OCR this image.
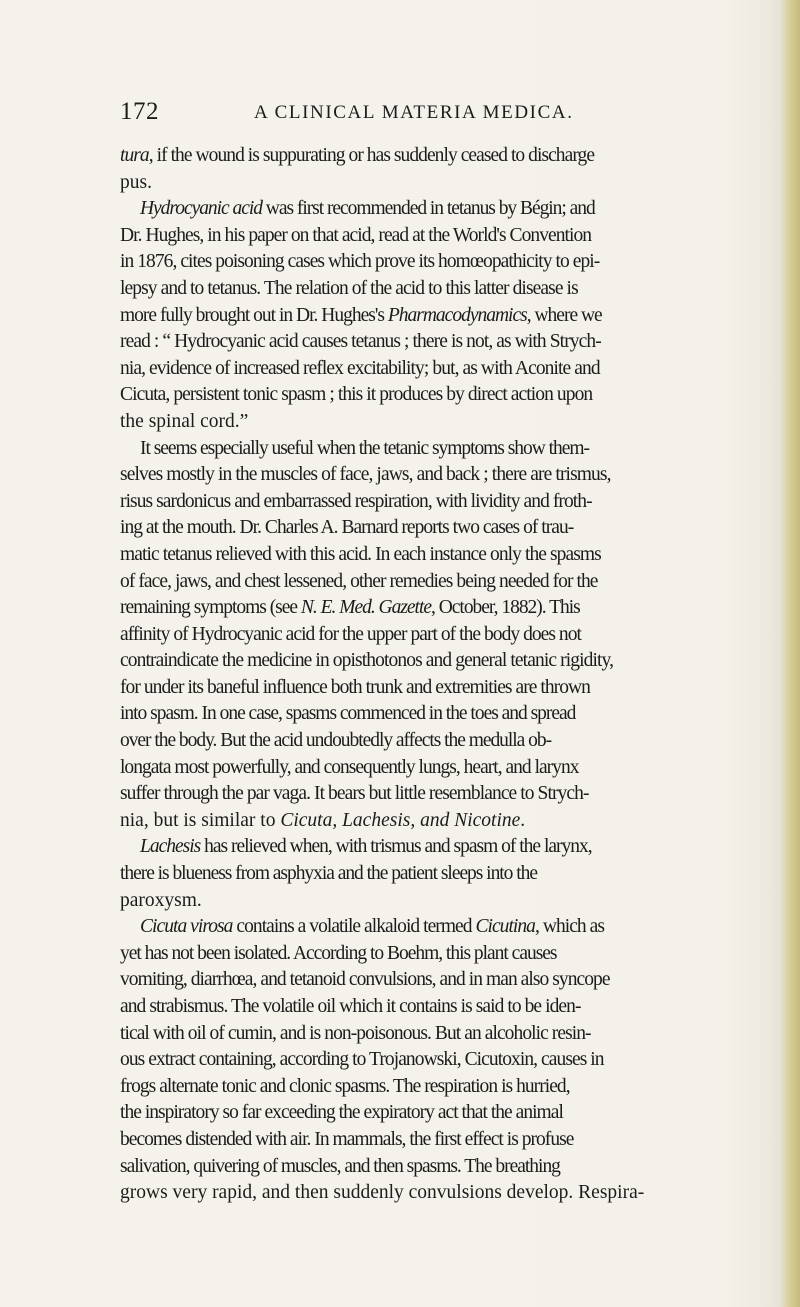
172	A CLINICAL MATERIA MEDICA.
tura, if the wound is suppurating or has suddenly ceased to discharge
pus.
Hydrocyanic acid was first recommended in tetanus by Bégin; and
Dr. Hughes, in his paper on that acid, read at the World's Convention
in 1876, cites poisoning cases which prove its homœopathicity to epi-
lepsy and to tetanus. The relation of the acid to this latter disease is
more fully brought out in Dr. Hughes's Pharmacodynamics, where we
read : “ Hydrocyanic acid causes tetanus ; there is not, as with Strych-
nia, evidence of increased reflex excitability; but, as with Aconite and
Cicuta, persistent tonic spasm ; this it produces by direct action upon
the spinal cord.”
It seems especially useful when the tetanic symptoms show them-
selves mostly in the muscles of face, jaws, and back ; there are trismus,
risus sardonicus and embarrassed respiration, with lividity and froth-
ing at the mouth. Dr. Charles A. Barnard reports two cases of trau-
matic tetanus relieved with this acid. In each instance only the spasms
of face, jaws, and chest lessened, other remedies being needed for the
remaining symptoms (see N. E. Med. Gazette, October, 1882). This
affinity of Hydrocyanic acid for the upper part of the body does not
contraindicate the medicine in opisthotonos and general tetanic rigidity,
for under its baneful influence both trunk and extremities are thrown
into spasm. In one case, spasms commenced in the toes and spread
over the body. But the acid undoubtedly affects the medulla ob-
longata most powerfully, and consequently lungs, heart, and larynx
suffer through the par vaga. It bears but little resemblance to Strych-
nia, but is similar to Cicuta, Lachesis, and Nicotine.
Lachesis has relieved when, with trismus and spasm of the larynx,
there is blueness from asphyxia and the patient sleeps into the
paroxysm.
Cicuta virosa contains a volatile alkaloid termed Cicutina, which as
yet has not been isolated. According to Boehm, this plant causes
vomiting, diarrhœa, and tetanoid convulsions, and in man also syncope
and strabismus. The volatile oil which it contains is said to be iden-
tical with oil of cumin, and is non-poisonous. But an alcoholic resin-
ous extract containing, according to Trojanowski, Cicutoxin, causes in
frogs alternate tonic and clonic spasms. The respiration is hurried,
the inspiratory so far exceeding the expiratory act that the animal
becomes distended with air. In mammals, the first effect is profuse
salivation, quivering of muscles, and then spasms. The breathing
grows very rapid, and then suddenly convulsions develop. Respira-
